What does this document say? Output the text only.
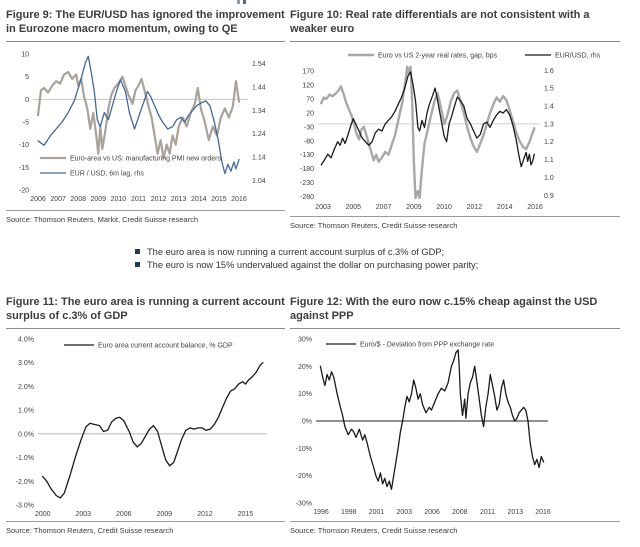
Figure 9: The EUR/USD has ignored the improvement in Eurozone macro momentum, owing to QE
10
5
0
-5
-10
-15
-20
1.54
1.44
1.34
1.24
1.14
1.04
2006 2007 2008 2009 2010 2011 2012 2013 2014 2015 2016
Euro-area vs US: manufacturing PMI new orders
EUR / USD, 6m lag, rhs
Source: Thomson Reuters, Markit, Credit Suisse research
Figure 10: Real rate differentials are not consistent with a weaker euro
170
120
70
20
-30
-80
-130
-180
-230
-280
1.6
1.5
1.4
1.3
1.2
1.1
1.0
0.9
2003 2005 2007 2009 2010 2012 2014 2016
Euro vs US 2-year real rates, gap, bps	EUR/USD, rhs
Source: Thomson Reuters, Credit Suisse research
The euro area is now running a current account surplus of c.3% of GDP;
The euro is now 15% undervalued against the dollar on purchasing power parity;
Figure 11: The euro area is running a current account surplus of c.3% of GDP
4.0%
3.0%
2.0%
1.0%
0.0%
-1.0%
-2.0%
-3.0%
2000	2003	2006	2009	2012	2015
Euro area current account balance, % GDP
Source: Thomson Reuters, Credit Suisse research
Figure 12: With the euro now c.15% cheap against the USD against PPP
30%
20%
10%
0%
-10%
-20%
-30%
1996 1998 2001 2003 2006 2008 2011 2013 2016
Euro/$ - Deviation from PPP exchange rate
Source: Thomson Reuters, Credit Suisse research
